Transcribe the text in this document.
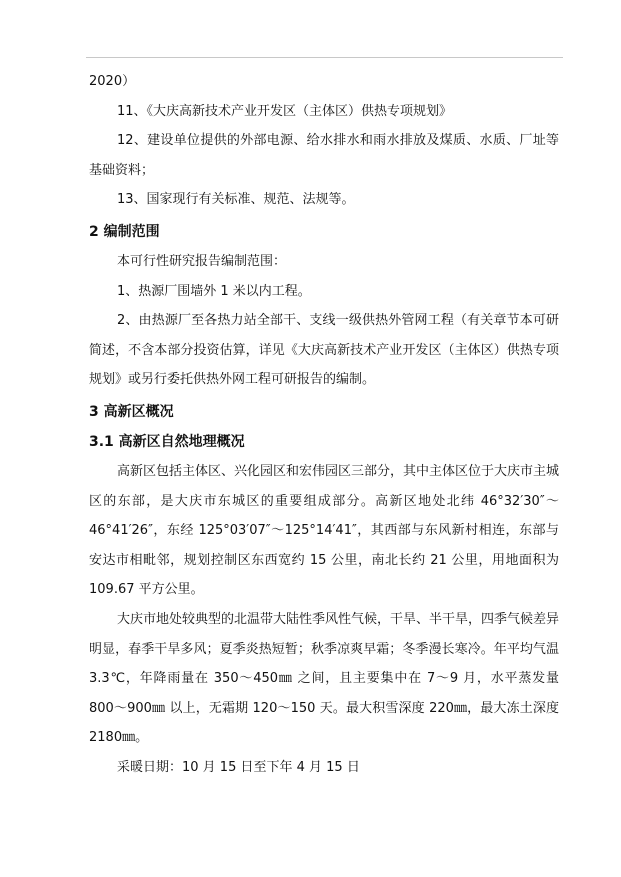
2020）

11、《大庆高新技术产业开发区（主体区）供热专项规划》

12、建设单位提供的外部电源、给水排水和雨水排放及煤质、水质、厂址等基础资料；

13、国家现行有关标准、规范、法规等。

2 编制范围

本可行性研究报告编制范围：

1、热源厂围墙外 1 米以内工程。

2、由热源厂至各热力站全部干、支线一级供热外管网工程（有关章节本可研简述，不含本部分投资估算，详见《大庆高新技术产业开发区（主体区）供热专项规划》或另行委托供热外网工程可研报告的编制。

3 高新区概况
3.1 高新区自然地理概况

高新区包括主体区、兴化园区和宏伟园区三部分，其中主体区位于大庆市主城区的东部，是大庆市东城区的重要组成部分。高新区地处北纬 46°32′30″～46°41′26″，东经 125°03′07″～125°14′41″，其西部与东风新村相连，东部与安达市相毗邻，规划控制区东西宽约 15 公里，南北长约 21 公里，用地面积为 109.67 平方公里。

大庆市地处较典型的北温带大陆性季风性气候，干旱、半干旱，四季气候差异明显，春季干旱多风；夏季炎热短暂；秋季凉爽早霜；冬季漫长寒冷。年平均气温 3.3℃，年降雨量在 350～450㎜ 之间，且主要集中在 7～9 月，水平蒸发量 800～900㎜ 以上，无霜期 120～150 天。最大积雪深度 220㎜，最大冻土深度 2180㎜。

采暖日期：10 月 15 日至下年 4 月 15 日
